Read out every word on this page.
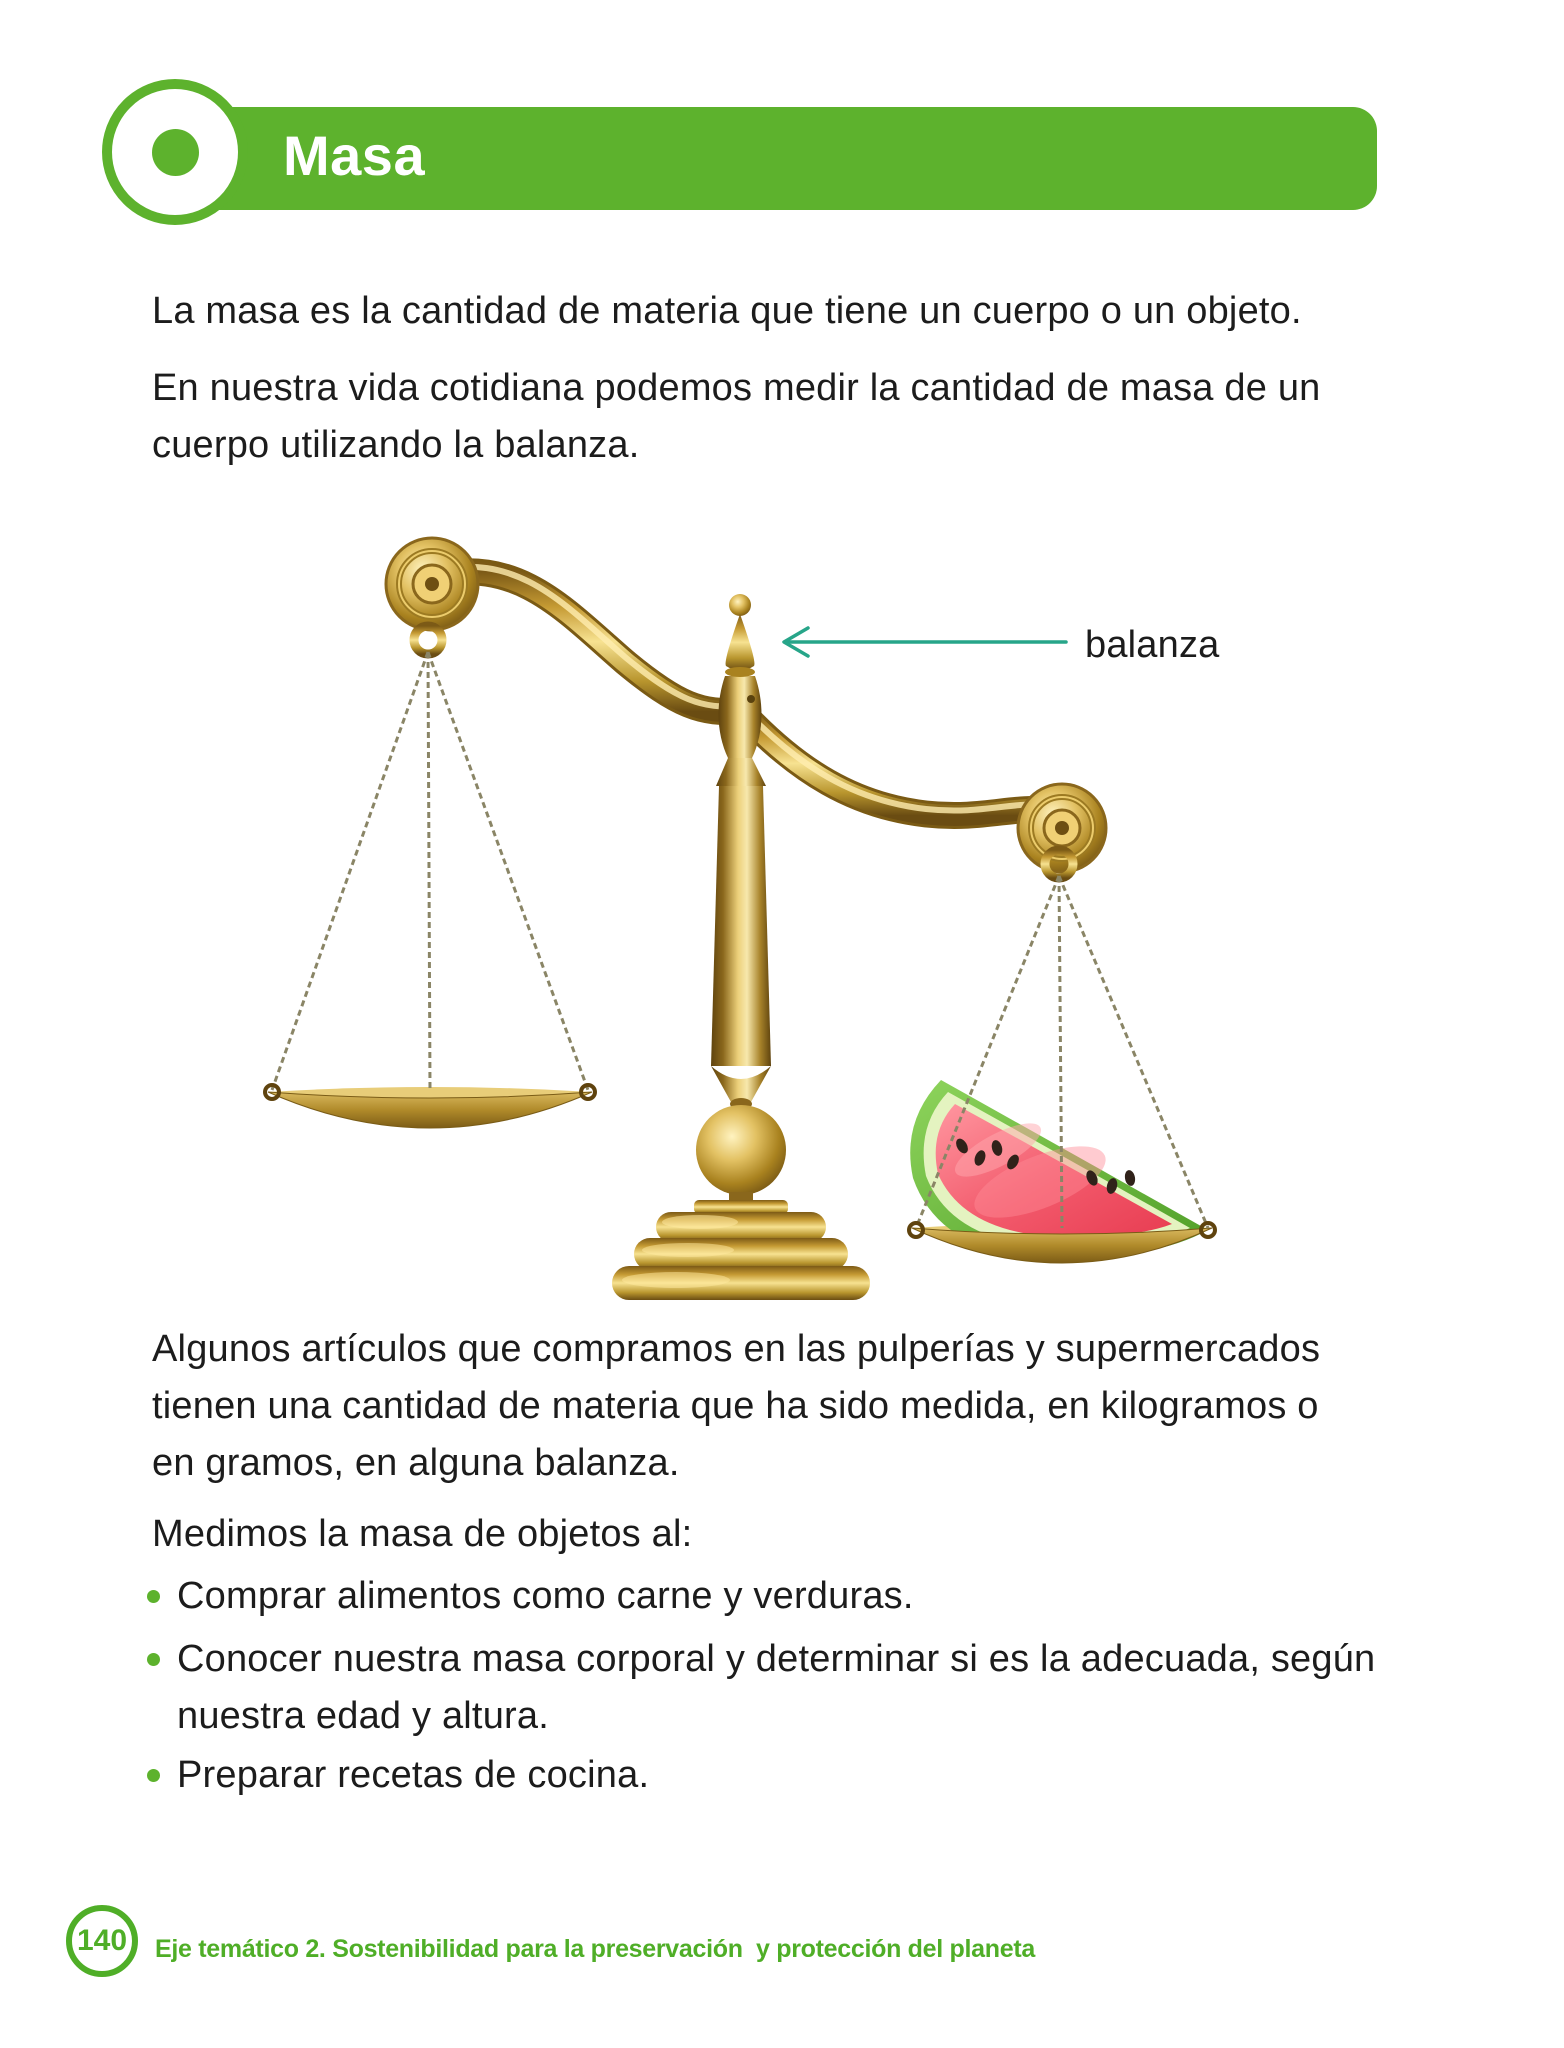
Masa
La masa es la cantidad de materia que tiene un cuerpo o un objeto.
En nuestra vida cotidiana podemos medir la cantidad de masa de un
cuerpo utilizando la balanza.
balanza
Algunos artículos que compramos en las pulperías y supermercados
tienen una cantidad de materia que ha sido medida, en kilogramos o
en gramos, en alguna balanza.
Medimos la masa de objetos al:
Comprar alimentos como carne y verduras.
Conocer nuestra masa corporal y determinar si es la adecuada, según
nuestra edad y altura.
Preparar recetas de cocina.
140 Eje temático 2. Sostenibilidad para la preservación  y protección del planeta
